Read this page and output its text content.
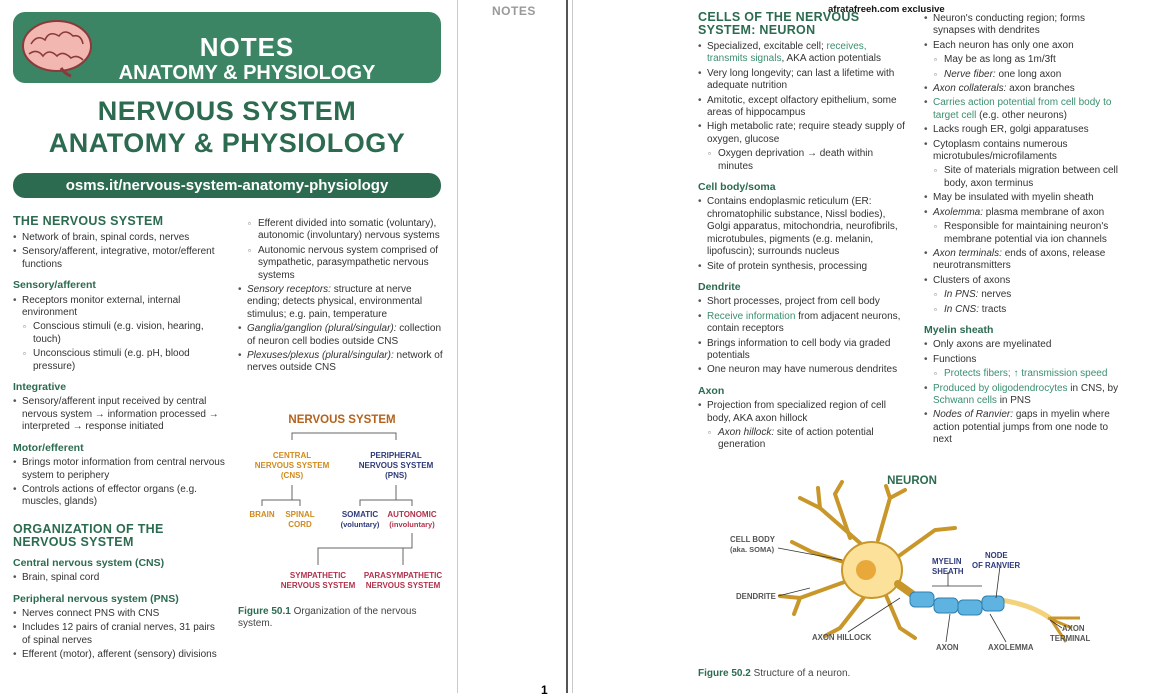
NOTES
ANATOMY & PHYSIOLOGY
NERVOUS SYSTEM
ANATOMY & PHYSIOLOGY
osms.it/nervous-system-anatomy-physiology
THE NERVOUS SYSTEM
• Network of brain, spinal cords, nerves
• Sensory/afferent, integrative, motor/efferent functions
Sensory/afferent
• Receptors monitor external, internal environment
▫ Conscious stimuli (e.g. vision, hearing, touch)
▫ Unconscious stimuli (e.g. pH, blood pressure)
Integrative
• Sensory/afferent input received by central nervous system → information processed → interpreted → response initiated
Motor/efferent
• Brings motor information from central nervous system to periphery
• Controls actions of effector organs (e.g. muscles, glands)
ORGANIZATION OF THE NERVOUS SYSTEM
Central nervous system (CNS)
• Brain, spinal cord
Peripheral nervous system (PNS)
• Nerves connect PNS with CNS
• Includes 12 pairs of cranial nerves, 31 pairs of spinal nerves
• Efferent (motor), afferent (sensory) divisions
▫ Efferent divided into somatic (voluntary), autonomic (involuntary) nervous systems
▫ Autonomic nervous system comprised of sympathetic, parasympathetic nervous systems
• Sensory receptors: structure at nerve ending; detects physical, environmental stimulus; e.g. pain, temperature
• Ganglia/ganglion (plural/singular): collection of neuron cell bodies outside CNS
• Plexuses/plexus (plural/singular): network of nerves outside CNS
NERVOUS SYSTEM
CENTRAL
NERVOUS SYSTEM
(CNS)
PERIPHERAL
NERVOUS SYSTEM
(PNS)
BRAIN SPINAL
CORD
SOMATIC
(voluntary)
AUTONOMIC
(involuntary)
SYMPATHETIC
NERVOUS SYSTEM
PARASYMPATHETIC
NERVOUS SYSTEM
Figure 50.1 Organization of the nervous system.
NOTES
1
afratafreeh.com exclusive
CELLS OF THE NERVOUS SYSTEM: NEURON
• Specialized, excitable cell; receives, transmits signals, AKA action potentials
• Very long longevity; can last a lifetime with adequate nutrition
• Amitotic, except olfactory epithelium, some areas of hippocampus
• High metabolic rate; require steady supply of oxygen, glucose
▫ Oxygen deprivation → death within minutes
Cell body/soma
• Contains endoplasmic reticulum (ER: chromatophilic substance, Nissl bodies), Golgi apparatus, mitochondria, neurofibrils, microtubules, pigments (e.g. melanin, lipofuscin); surrounds nucleus
• Site of protein synthesis, processing
Dendrite
• Short processes, project from cell body
• Receive information from adjacent neurons, contain receptors
• Brings information to cell body via graded potentials
• One neuron may have numerous dendrites
Axon
• Projection from specialized region of cell body, AKA axon hillock
▫ Axon hillock: site of action potential generation
• Neuron's conducting region; forms synapses with dendrites
• Each neuron has only one axon
▫ May be as long as 1m/3ft
▫ Nerve fiber: one long axon
• Axon collaterals: axon branches
• Carries action potential from cell body to target cell (e.g. other neurons)
• Lacks rough ER, golgi apparatuses
• Cytoplasm contains numerous microtubules/microfilaments
▫ Site of materials migration between cell body, axon terminus
• May be insulated with myelin sheath
• Axolemma: plasma membrane of axon
▫ Responsible for maintaining neuron's membrane potential via ion channels
• Axon terminals: ends of axons, release neurotransmitters
• Clusters of axons
▫ In PNS: nerves
▫ In CNS: tracts
Myelin sheath
• Only axons are myelinated
• Functions
▫ Protects fibers; ↑ transmission speed
• Produced by oligodendrocytes in CNS, by Schwann cells in PNS
• Nodes of Ranvier: gaps in myelin where action potential jumps from one node to next
NEURON
CELL BODY
(aka. SOMA)
MYELIN
SHEATH
NODE
OF RANVIER
DENDRITE
AXON HILLOCK
AXON	AXOLEMMA
AXON
TERMINAL
Figure 50.2 Structure of a neuron.
